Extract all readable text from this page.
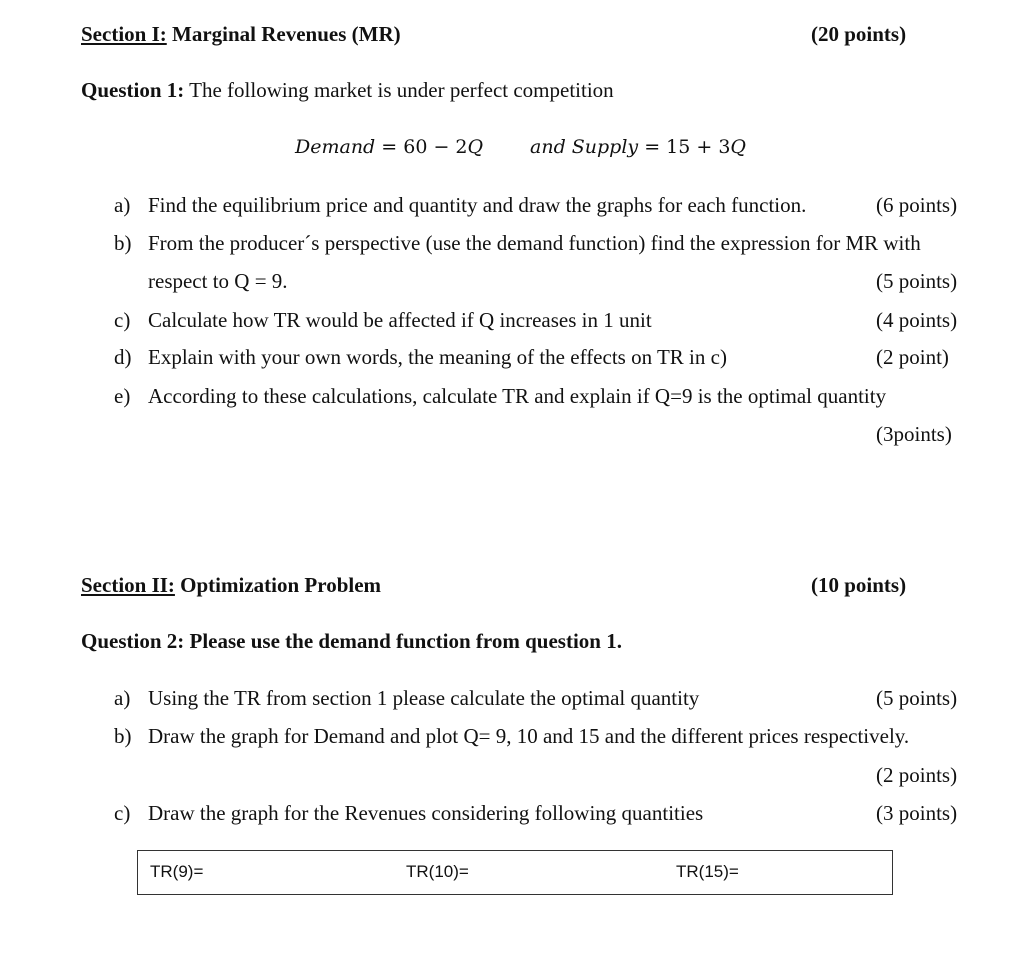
Section I: Marginal Revenues (MR)	(20 points)
Question 1: The following market is under perfect competition
Demand = 60 − 2Q and Supply = 15 + 3Q
a) Find the equilibrium price and quantity and draw the graphs for each function.	(6 points)
b) From the producer´s perspective (use the demand function) find the expression for MR with
respect to Q = 9.	(5 points)
c) Calculate how TR would be affected if Q increases in 1 unit	(4 points)
d) Explain with your own words, the meaning of the effects on TR in c)	(2 point)
e) According to these calculations, calculate TR and explain if Q=9 is the optimal quantity
(3points)
Section II: Optimization Problem	(10 points)
Question 2: Please use the demand function from question 1.
a) Using the TR from section 1 please calculate the optimal quantity	(5 points)
b) Draw the graph for Demand and plot Q= 9, 10 and 15 and the different prices respectively.
(2 points)
c) Draw the graph for the Revenues considering following quantities	(3 points)
TR(9)=	TR(10)=	TR(15)=
